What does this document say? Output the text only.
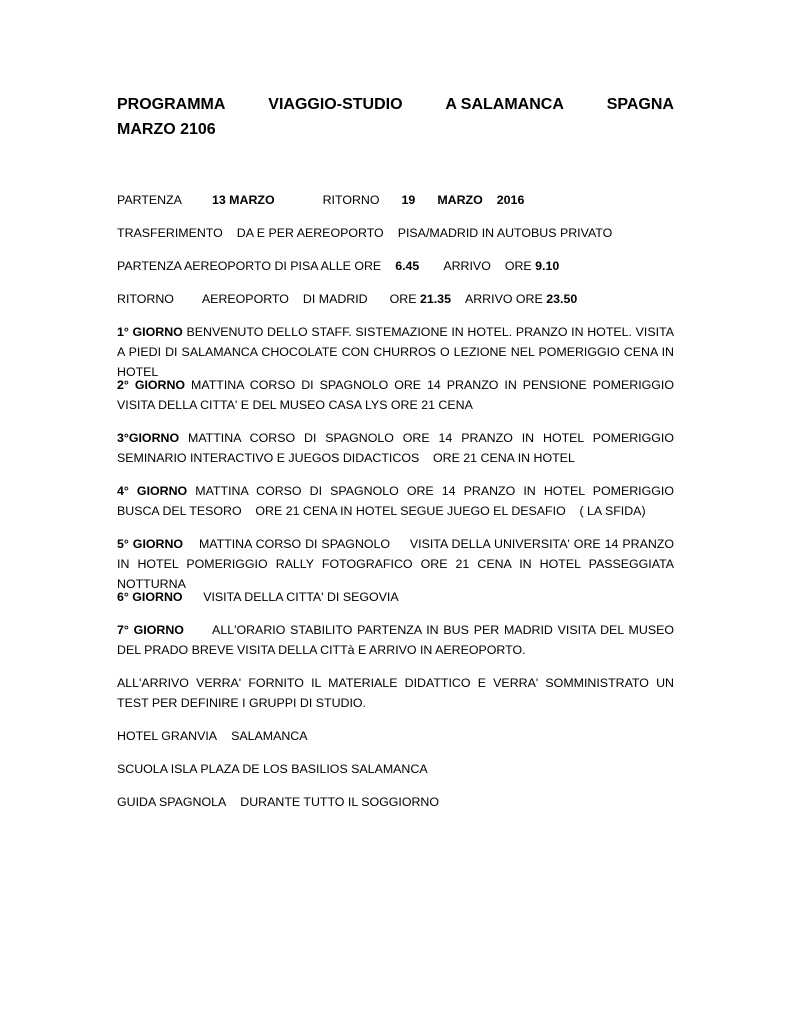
PROGRAMMA	VIAGGIO-STUDIO	A SALAMANCA	SPAGNA
MARZO 2106

PARTENZA 13 MARZO	RITORNO 19 MARZO 2016

TRASFERIMENTO DA E PER AEREOPORTO PISA/MADRID IN AUTOBUS PRIVATO

PARTENZA AEREOPORTO DI PISA ALLE ORE 6.45 ARRIVO ORE 9.10

RITORNO AEREOPORTO DI MADRID ORE 21.35 ARRIVO ORE 23.50

1° GIORNO BENVENUTO DELLO STAFF. SISTEMAZIONE IN HOTEL. PRANZO IN HOTEL. VISITA A PIEDI DI SALAMANCA CHOCOLATE CON CHURROS O LEZIONE NEL POMERIGGIO CENA IN HOTEL

2° GIORNO MATTINA CORSO DI SPAGNOLO ORE 14 PRANZO IN PENSIONE POMERIGGIO VISITA DELLA CITTA' E DEL MUSEO CASA LYS ORE 21 CENA

3°GIORNO MATTINA CORSO DI SPAGNOLO ORE 14 PRANZO IN HOTEL POMERIGGIO SEMINARIO INTERACTIVO E JUEGOS DIDACTICOS    ORE 21 CENA IN HOTEL

4° GIORNO MATTINA CORSO DI SPAGNOLO ORE 14 PRANZO IN HOTEL POMERIGGIO   BUSCA DEL TESORO    ORE 21 CENA IN HOTEL SEGUE JUEGO EL DESAFIO    ( LA SFIDA)

5° GIORNO    MATTINA CORSO DI SPAGNOLO     VISITA DELLA UNIVERSITA' ORE 14 PRANZO IN HOTEL POMERIGGIO RALLY FOTOGRAFICO ORE 21 CENA IN HOTEL PASSEGGIATA NOTTURNA

6° GIORNO      VISITA DELLA CITTA' DI SEGOVIA

7° GIORNO      ALL'ORARIO STABILITO PARTENZA IN BUS PER MADRID VISITA DEL MUSEO DEL PRADO BREVE VISITA DELLA CITTà E ARRIVO IN AEREOPORTO.

ALL'ARRIVO VERRA' FORNITO IL MATERIALE DIDATTICO E VERRA' SOMMINISTRATO UN TEST PER DEFINIRE I GRUPPI DI STUDIO.

HOTEL GRANVIA SALAMANCA

SCUOLA ISLA PLAZA DE LOS BASILIOS SALAMANCA

GUIDA SPAGNOLA DURANTE TUTTO IL SOGGIORNO
